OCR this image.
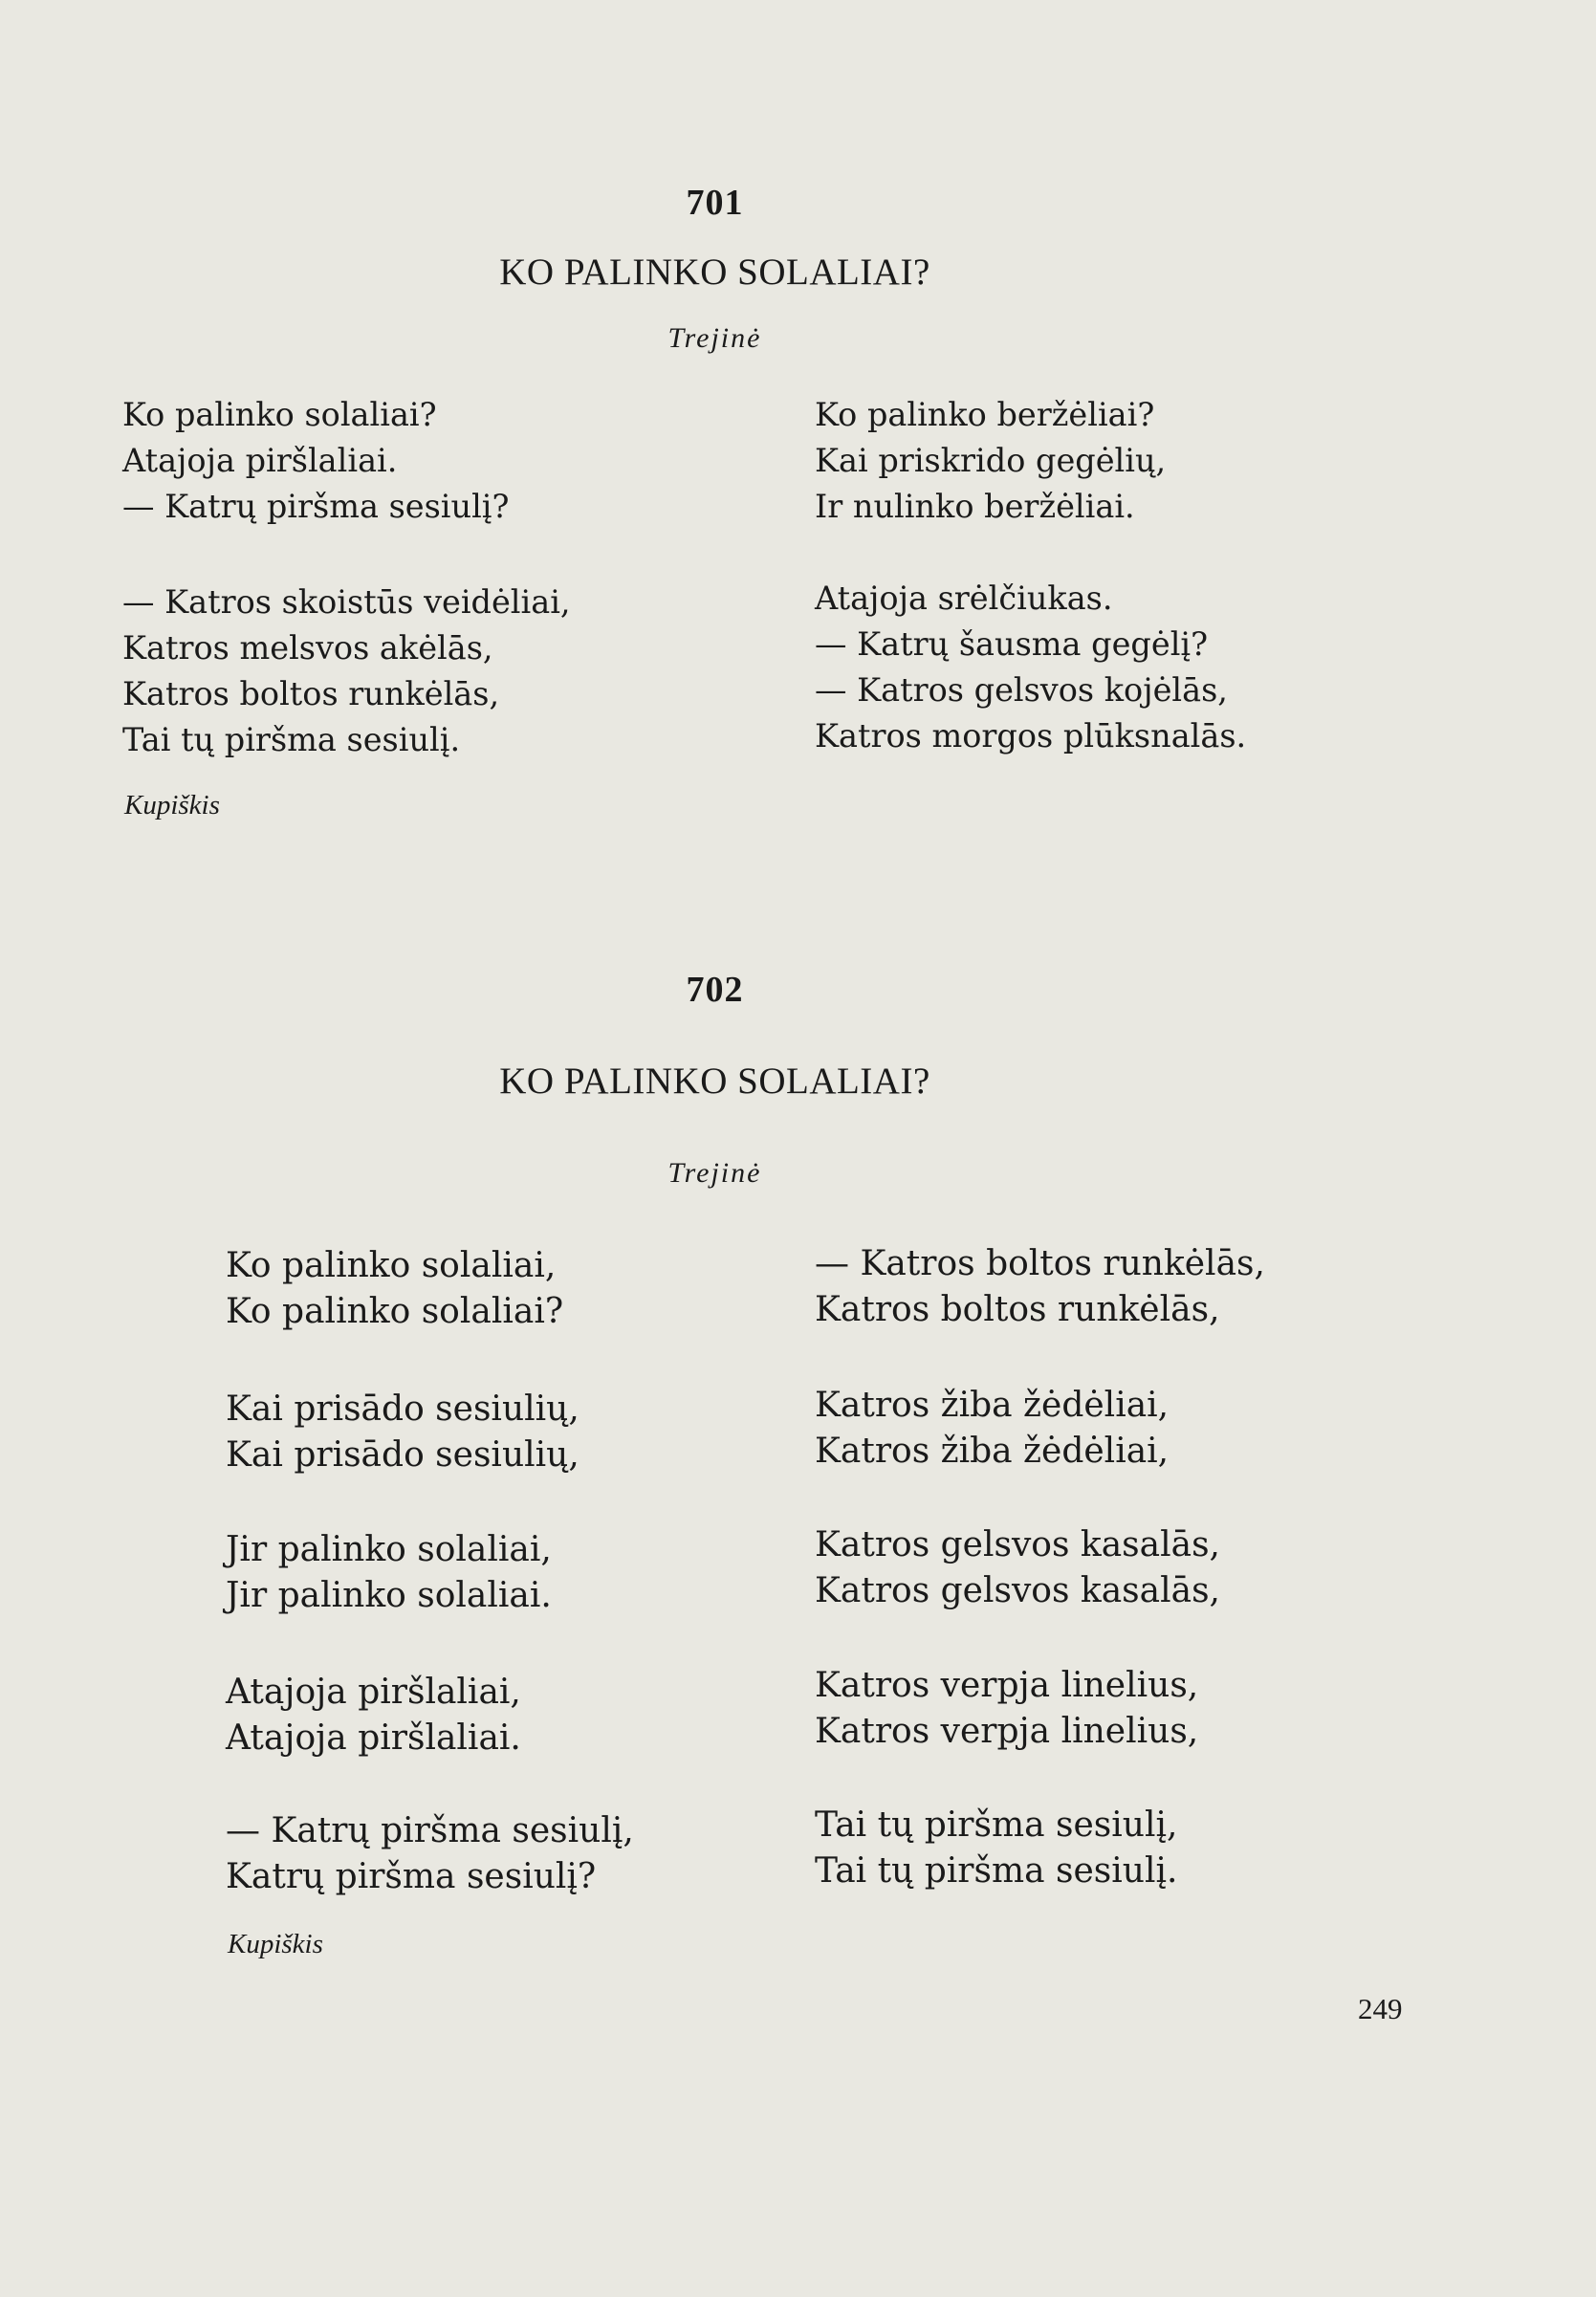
701
KO PALINKO SOLALIAI?
Trejinė
Ko palinko solaliai?
Atajoja piršlaliai.
— Katrų piršma sesiulį?
— Katros skoistūs veidėliai,
Katros melsvos akėlās,
Katros boltos runkėlās,
Tai tų piršma sesiulį.
Ko palinko beržėliai?
Kai priskrido gegėlių,
Ir nulinko beržėliai.
Atajoja srėlčiukas.
— Katrų šausma gegėlį?
— Katros gelsvos kojėlās,
Katros morgos plūksnalās.
Kupiškis
702
KO PALINKO SOLALIAI?
Trejinė
Ko palinko solaliai,
Ko palinko solaliai?
Kai prisādo sesiulių,
Kai prisādo sesiulių,
Jir palinko solaliai,
Jir palinko solaliai.
Atajoja piršlaliai,
Atajoja piršlaliai.
— Katrų piršma sesiulį,
Katrų piršma sesiulį?
— Katros boltos runkėlās,
Katros boltos runkėlās,
Katros žiba žėdėliai,
Katros žiba žėdėliai,
Katros gelsvos kasalās,
Katros gelsvos kasalās,
Katros verpja linelius,
Katros verpja linelius,
Tai tų piršma sesiulį,
Tai tų piršma sesiulį.
Kupiškis
249
